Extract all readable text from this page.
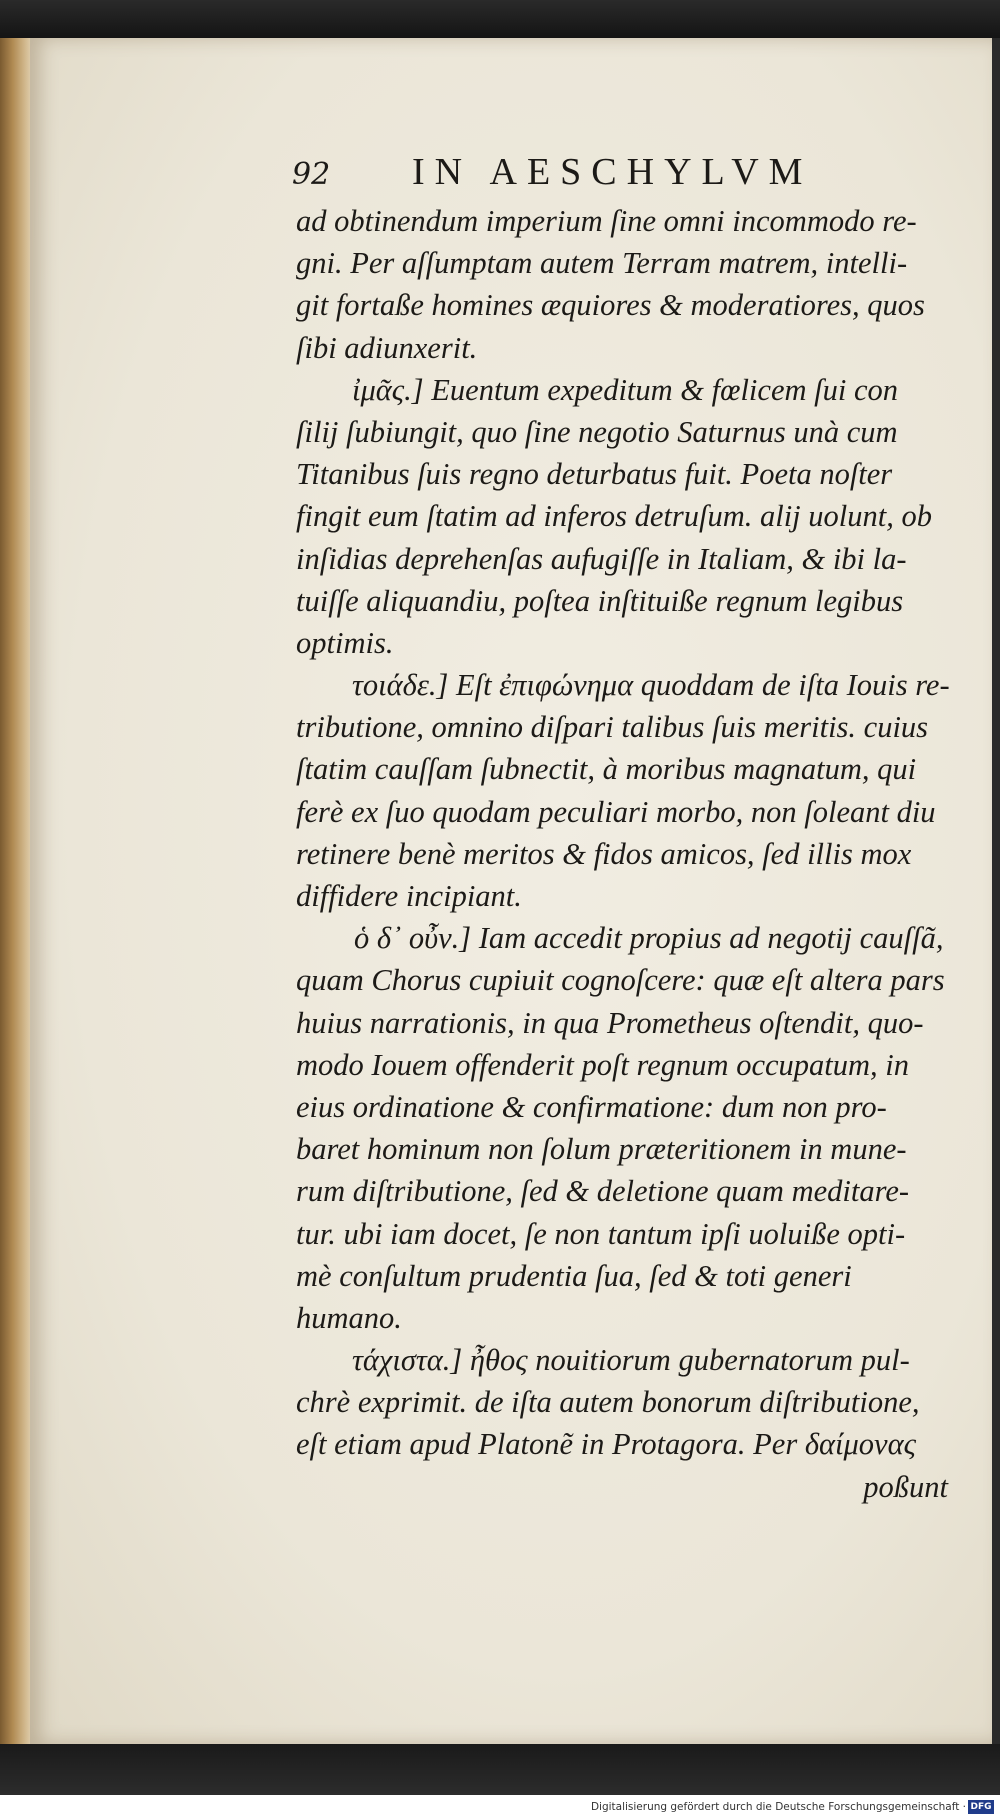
92	IN AESCHYLVM
ad obtinendum imperium ſine omni incommodo re-
gni. Per aſſumptam autem Terram matrem, intelli-
git fortaße homines æquiores & moderatiores, quos
ſibi adiunxerit.
ἰμᾶς.] Euentum expeditum & fœlicem ſui con
ſilij ſubiungit, quo ſine negotio Saturnus unà cum
Titanibus ſuis regno deturbatus fuit. Poeta noſter
fingit eum ſtatim ad inferos detruſum. alij uolunt, ob
inſidias deprehenſas aufugiſſe in Italiam, & ibi la-
tuiſſe aliquandiu, poſtea inſtituiße regnum legibus
optimis.
τοιάδε.] Eſt ἐπιφώνημα quoddam de iſta Iouis re-
tributione, omnino diſpari talibus ſuis meritis. cuius
ſtatim cauſſam ſubnectit, à moribus magnatum, qui
ferè ex ſuo quodam peculiari morbo, non ſoleant diu
retinere benè meritos & fidos amicos, ſed illis mox
diffidere incipiant.
ὁ δ᾽ οὖν.] Iam accedit propius ad negotij cauſſã,
quam Chorus cupiuit cognoſcere: quæ eſt altera pars
huius narrationis, in qua Prometheus oſtendit, quo-
modo Iouem offenderit poſt regnum occupatum, in
eius ordinatione & confirmatione: dum non pro-
baret hominum non ſolum præteritionem in mune-
rum diſtributione, ſed & deletione quam meditare-
tur. ubi iam docet, ſe non tantum ipſi uoluiße opti-
mè conſultum prudentia ſua, ſed & toti generi
humano.
τάχιστα.] ἦθος nouitiorum gubernatorum pul-
chrè exprimit. de iſta autem bonorum diſtributione,
eſt etiam apud Platonẽ in Protagora. Per δαίμονας
poßunt
Digitalisierung gefördert durch die Deutsche Forschungsgemeinschaft · DFG
